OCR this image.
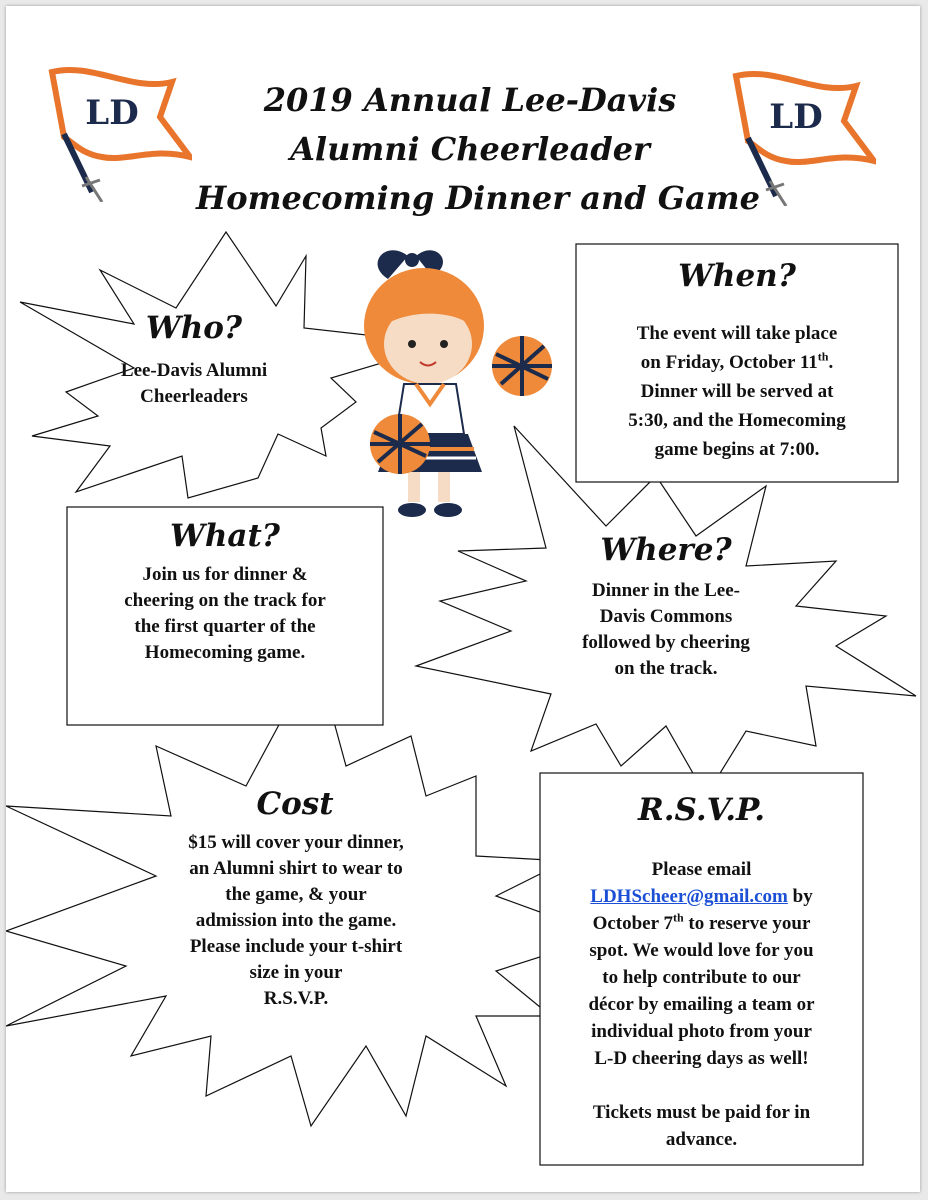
LD	LD
2019 Annual Lee-Davis
Alumni Cheerleader
Homecoming Dinner and Game
Who?
Lee-Davis Alumni
Cheerleaders
When?
The event will take place
on Friday, October 11th.
Dinner will be served at
5:30, and the Homecoming
game begins at 7:00.
What?
Join us for dinner &
cheering on the track for
the first quarter of the
Homecoming game.
Where?
Dinner in the Lee-
Davis Commons
followed by cheering
on the track.
Cost
$15 will cover your dinner,
an Alumni shirt to wear to
the game, & your
admission into the game.
Please include your t-shirt
size in your
R.S.V.P.
R.S.V.P.
Please email
LDHScheer@gmail.com by
October 7th to reserve your
spot. We would love for you
to help contribute to our
décor by emailing a team or
individual photo from your
L-D cheering days as well!
Tickets must be paid for in
advance.
